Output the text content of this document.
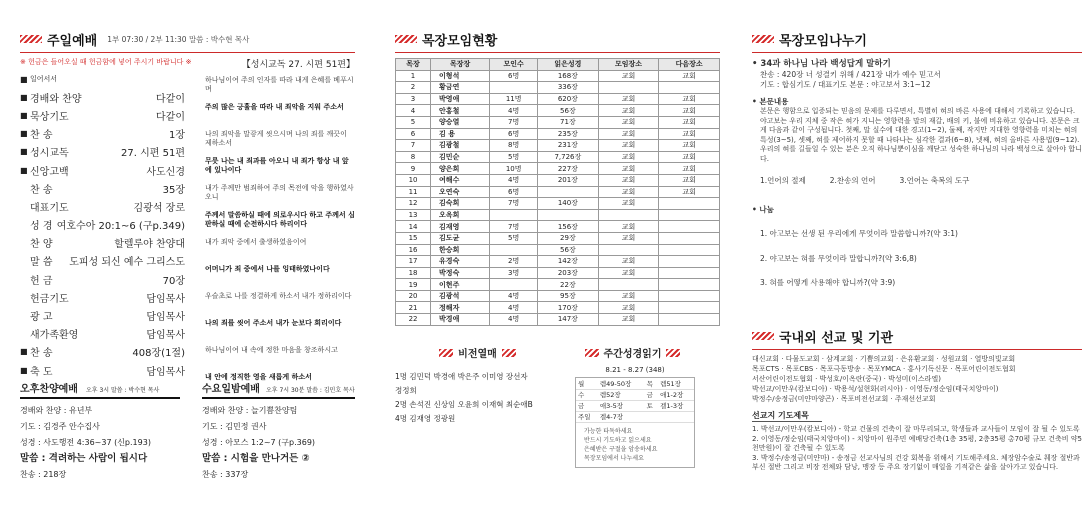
주일예배 1부 07:30 / 2부 11:30 말씀 : 박수현 목사
※ 헌금은 들어오실 때 헌금함에 넣어 주시기 바랍니다 ※	【성시교독 27. 시편 51편】
■ 일어서서
■ 경배와 찬양	다같이
■ 묵상기도	다같이
■ 찬 송	1장
■ 성시교독	27. 시편 51편
■ 신앙고백	사도신경
찬 송	35장
대표기도	김광석 장로
성 경 여호수아 20:1~6 (구p.349)
찬 양	할렐루야 찬양대
말 씀 도피성 되신 예수 그리스도
헌 금	70장
헌금기도	담임목사
광 고	담임목사
새가족환영	담임목사
■ 찬 송	408장(1절)
■ 축 도	담임목사
하나님이여 주의 인자를 따라 내게 은혜를 베푸시며
주의 많은 긍휼을 따라 내 죄악을 지워 주소서
나의 죄악을 말갛게 씻으시며 나의 죄를 깨끗이 제하소서
무릇 나는 내 죄과를 아오니 내 죄가 항상 내 앞에 있나이다
내가 주께만 범죄하여 주의 목전에 악을 행하였사오니
주께서 말씀하실 때에 의로우시다 하고 주께서 심판하실 때에 순전하시다 하리이다
내가 죄악 중에서 출생하였음이여
어머니가 죄 중에서 나를 잉태하였나이다
우슬초로 나를 정결하게 하소서 내가 정하리이다
나의 죄를 씻어 주소서 내가 눈보다 희리이다
하나님이여 내 속에 정한 마음을 창조하시고
내 안에 정직한 영을 새롭게 하소서
오후찬양예배 오후 3시 말씀 : 박수현 목사
경배와 찬양 : 유년부
기도 : 김경주 안수집사
성경 : 사도행전 4:36~37 (신p.193)
말씀 : 격려하는 사람이 됩시다
찬송 : 218장
수요일밤예배 오후 7시 30분 말씀 : 김민호 목사
경배와 찬양 : 늘기쁨찬양팀
기도 : 김민정 권사
성경 : 아모스 1:2~7 (구p.369)
말씀 : 시험을 만나거든 ②
찬송 : 337장
목장모임현황
목장	목장장	모인수	읽은성경	모임장소	다음장소
1	이형석	6명	168장	교회	교회
2	황금연		336장		
3	박영애	11명	620장	교회	교회
4	안홍철	4명	56장	교회	교회
5	양승열	7명	71장	교회	교회
6	김 용	6명	235장	교회	교회
7	김광철	8명	231장	교회	교회
8	김민순	5명	7,726장	교회	교회
9	양은희	10명	227장	교회	교회
10	여해수	4명	201장	교회	교회
11	오연숙	6명		교회	교회
12	김숙희	7명	140장	교회	
13	오옥희				
14	김재영	7명	156장	교회	
15	김도균	5명	29장	교회	
16	한승희		56장		
17	유경숙	2명	142장	교회	
18	박정숙	3명	203장	교회	
19	이현주		22장		
20	김광석	4명	95장	교회	
21	정해자	4명	170장	교회	
22	박경애	4명	147장	교회	
비전열매
1명 김민덕 박경애 박은주 이미영 장선자
정정희
2명 손석진 신상임 오윤희 이재혁 최순애B
4명 김재영 정광원
주간성경읽기
8.21 - 8.27 (348)
월	렘49-50장	목	렘51장
수	렘52장	금	애1-2장
금	애3-5장	토	겔1-3장
주일	겔4-7장		
가능한 타독하세요
반드시 기도하고 읽으세요
은혜받은 구절을 암송하세요
목장모임에서 나누세요
목장모임나누기
• 34과 하나님 나라 백성답게 말하기
찬송 : 420장 너 성결키 위해 / 421장 내가 예수 믿고서
기도 : 합심기도 / 대표기도 본문 : 야고보서 3:1~12
• 본문내용
본문은 행함으로 입증되는 믿음의 문제를 다루면서, 특별히 혀의 바른 사용에 대해서 기록하고 있습니다. 야고보는 우리 지체 중 작은 혀가 지니는 영향력을 말의 재갈, 배의 키, 불에 비유하고 있습니다. 본문은 크게 다음과 같이 구성됩니다. 첫째, 말 실수에 대한 경고(1~2), 둘째, 작지만 지대한 영향력을 미치는 혀의 특성(3~5), 셋째, 혀를 제어하지 못할 때 나타나는 심각한 결과(6~8), 넷째, 혀의 올바른 사용법(9~12). 우리의 혀를 길들일 수 있는 분은 오직 하나님뿐이심을 깨닫고 성숙한 하나님의 나라 백성으로 살아야 합니다.
1.언어의 절제	2.찬송의 언어	3.언어는 축복의 도구
• 나눔
1. 아고보는 선생 된 우리에게 무엇이라 말씀합니까?(약 3:1)
2. 야고보는 혀를 무엇이라 말합니까?(약 3:6,8)
3. 혀를 어떻게 사용해야 합니까?(약 3:9)
국내외 선교 및 기관
대신교회 · 다물도교회 · 삼계교회 · 기쁨의교회 · 은유환교회 · 성원교회 · 열방의빛교회
목포CTS · 목포CBS · 목포극동방송 · 목포YMCA · 홍사기독신문 · 목포어린이전도협회
서산어린이전도협회 · 박성호/이옥란(중국) · 박성미(이스라엘)
박선교/이만우(캄보디아) · 박용석/설현화(러시아) · 이영동/정순임(태국치앙마이)
박정수/송정금(미얀마양곤) · 목포비전선교회 · 주재선선교회
선교지 기도제목
1. 박선교/이만우(캄보디아) - 학교 건물의 건축이 잘 마무리되고, 학생들과 교사들이 모임이 잘 될 수 있도록
2. 이영동/정순임(태국치앙마이) - 치앙마이 원주민 예배당건축(1층 35평, 2층35평 총70평 규모 건축비 약5천만원)이 잘 건축될 수 있도록
3. 박정수/송정금(미얀마) - 송정금 선교사님의 건강 회복을 위해서 기도해주세요. 체장암수술로 췌장 절반과 부신 절반 그리고 비장 전체와 담낭, 맹장 등 주요 장기없이 매일을 기적같은 삶을 살아가고 있습니다.
